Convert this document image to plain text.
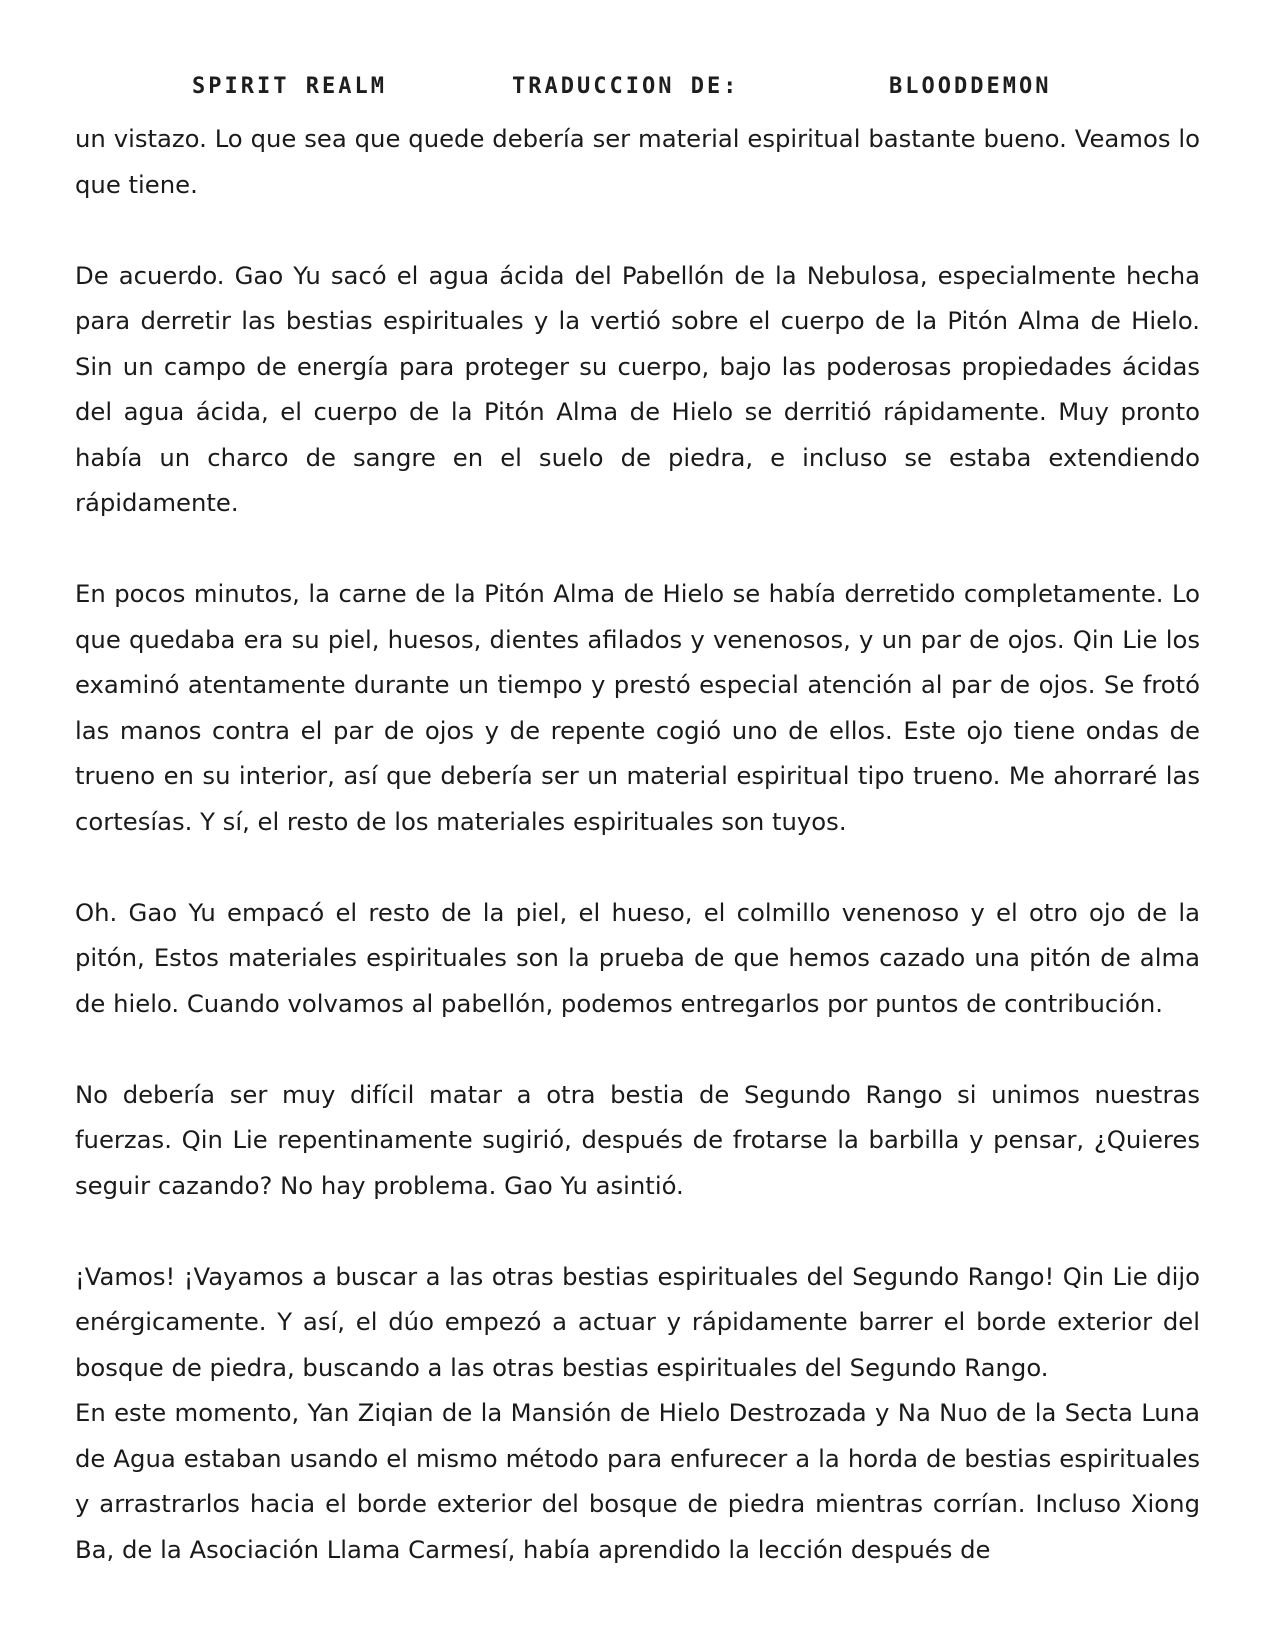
SPIRIT REALM	TRADUCCION DE:	BLOODDEMON

un vistazo. Lo que sea que quede debería ser material espiritual bastante bueno. Veamos lo que tiene.

De acuerdo. Gao Yu sacó el agua ácida del Pabellón de la Nebulosa, especialmente hecha para derretir las bestias espirituales y la vertió sobre el cuerpo de la Pitón Alma de Hielo. Sin un campo de energía para proteger su cuerpo, bajo las poderosas propiedades ácidas del agua ácida, el cuerpo de la Pitón Alma de Hielo se derritió rápidamente. Muy pronto había un charco de sangre en el suelo de piedra, e incluso se estaba extendiendo rápidamente.

En pocos minutos, la carne de la Pitón Alma de Hielo se había derretido completamente. Lo que quedaba era su piel, huesos, dientes afilados y venenosos, y un par de ojos. Qin Lie los examinó atentamente durante un tiempo y prestó especial atención al par de ojos. Se frotó las manos contra el par de ojos y de repente cogió uno de ellos. Este ojo tiene ondas de trueno en su interior, así que debería ser un material espiritual tipo trueno. Me ahorraré las cortesías. Y sí, el resto de los materiales espirituales son tuyos.

Oh. Gao Yu empacó el resto de la piel, el hueso, el colmillo venenoso y el otro ojo de la pitón, Estos materiales espirituales son la prueba de que hemos cazado una pitón de alma de hielo. Cuando volvamos al pabellón, podemos entregarlos por puntos de contribución.

No debería ser muy difícil matar a otra bestia de Segundo Rango si unimos nuestras fuerzas. Qin Lie repentinamente sugirió, después de frotarse la barbilla y pensar, ¿Quieres seguir cazando? No hay problema. Gao Yu asintió.

¡Vamos! ¡Vayamos a buscar a las otras bestias espirituales del Segundo Rango! Qin Lie dijo enérgicamente. Y así, el dúo empezó a actuar y rápidamente barrer el borde exterior del bosque de piedra, buscando a las otras bestias espirituales del Segundo Rango.

En este momento, Yan Ziqian de la Mansión de Hielo Destrozada y Na Nuo de la Secta Luna de Agua estaban usando el mismo método para enfurecer a la horda de bestias espirituales y arrastrarlos hacia el borde exterior del bosque de piedra mientras corrían. Incluso Xiong Ba, de la Asociación Llama Carmesí, había aprendido la lección después de
